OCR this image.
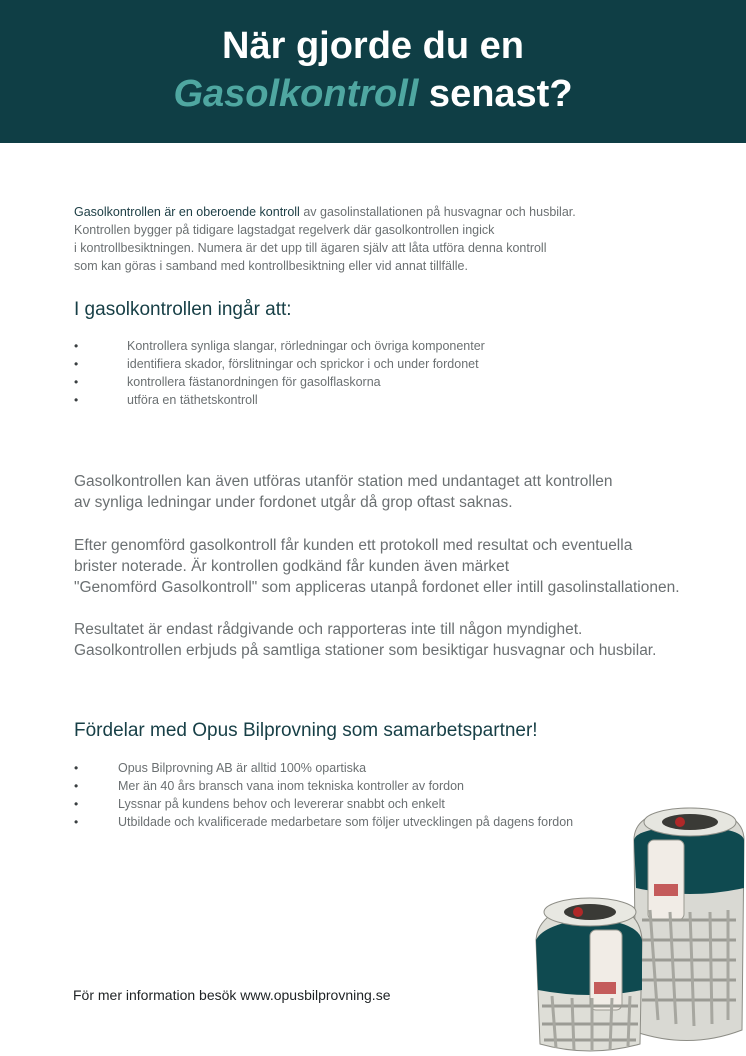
När gjorde du en
Gasolkontroll senast?

Gasolkontrollen är en oberoende kontroll av gasolinstallationen på husvagnar och husbilar.
Kontrollen bygger på tidigare lagstadgat regelverk där gasolkontrollen ingick
i kontrollbesiktningen. Numera är det upp till ägaren själv att låta utföra denna kontroll
som kan göras i samband med kontrollbesiktning eller vid annat tillfälle.

I gasolkontrollen ingår att:
• Kontrollera synliga slangar, rörledningar och övriga komponenter
• identifiera skador, förslitningar och sprickor i och under fordonet
• kontrollera fästanordningen för gasolflaskorna
• utföra en täthetskontroll

Gasolkontrollen kan även utföras utanför station med undantaget att kontrollen
av synliga ledningar under fordonet utgår då grop oftast saknas.

Efter genomförd gasolkontroll får kunden ett protokoll med resultat och eventuella
brister noterade. Är kontrollen godkänd får kunden även märket
"Genomförd Gasolkontroll" som appliceras utanpå fordonet eller intill gasolinstallationen.

Resultatet är endast rådgivande och rapporteras inte till någon myndighet.
Gasolkontrollen erbjuds på samtliga stationer som besiktigar husvagnar och husbilar.

Fördelar med Opus Bilprovning som samarbetspartner!
• Opus Bilprovning AB är alltid 100% opartiska
• Mer än 40 års bransch vana inom tekniska kontroller av fordon
• Lyssnar på kundens behov och levererar snabbt och enkelt
• Utbildade och kvalificerade medarbetare som följer utvecklingen på dagens fordon

För mer information besök www.opusbilprovning.se
